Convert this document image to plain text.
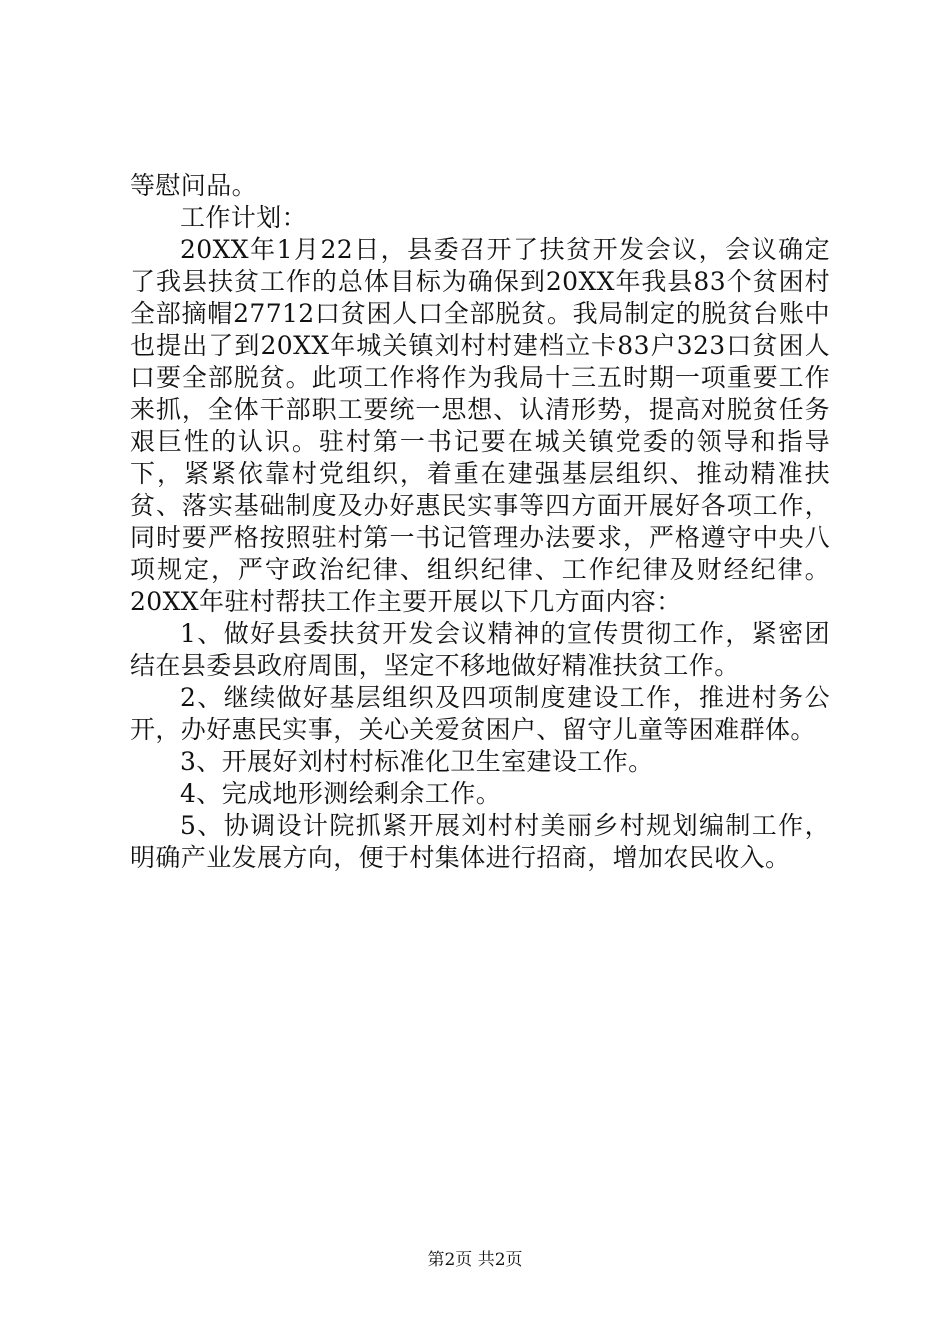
等慰问品。

工作计划：

20XX年1月22日，县委召开了扶贫开发会议，会议确定了我县扶贫工作的总体目标为确保到20XX年我县83个贫困村全部摘帽27712口贫困人口全部脱贫。我局制定的脱贫台账中也提出了到20XX年城关镇刘村村建档立卡83户323口贫困人口要全部脱贫。此项工作将作为我局十三五时期一项重要工作来抓，全体干部职工要统一思想、认清形势，提高对脱贫任务艰巨性的认识。驻村第一书记要在城关镇党委的领导和指导下，紧紧依靠村党组织，着重在建强基层组织、推动精准扶贫、落实基础制度及办好惠民实事等四方面开展好各项工作，同时要严格按照驻村第一书记管理办法要求，严格遵守中央八项规定，严守政治纪律、组织纪律、工作纪律及财经纪律。20XX年驻村帮扶工作主要开展以下几方面内容：

1、做好县委扶贫开发会议精神的宣传贯彻工作，紧密团结在县委县政府周围，坚定不移地做好精准扶贫工作。

2、继续做好基层组织及四项制度建设工作，推进村务公开，办好惠民实事，关心关爱贫困户、留守儿童等困难群体。

3、开展好刘村村标准化卫生室建设工作。

4、完成地形测绘剩余工作。

5、协调设计院抓紧开展刘村村美丽乡村规划编制工作，明确产业发展方向，便于村集体进行招商，增加农民收入。

第2页 共2页
